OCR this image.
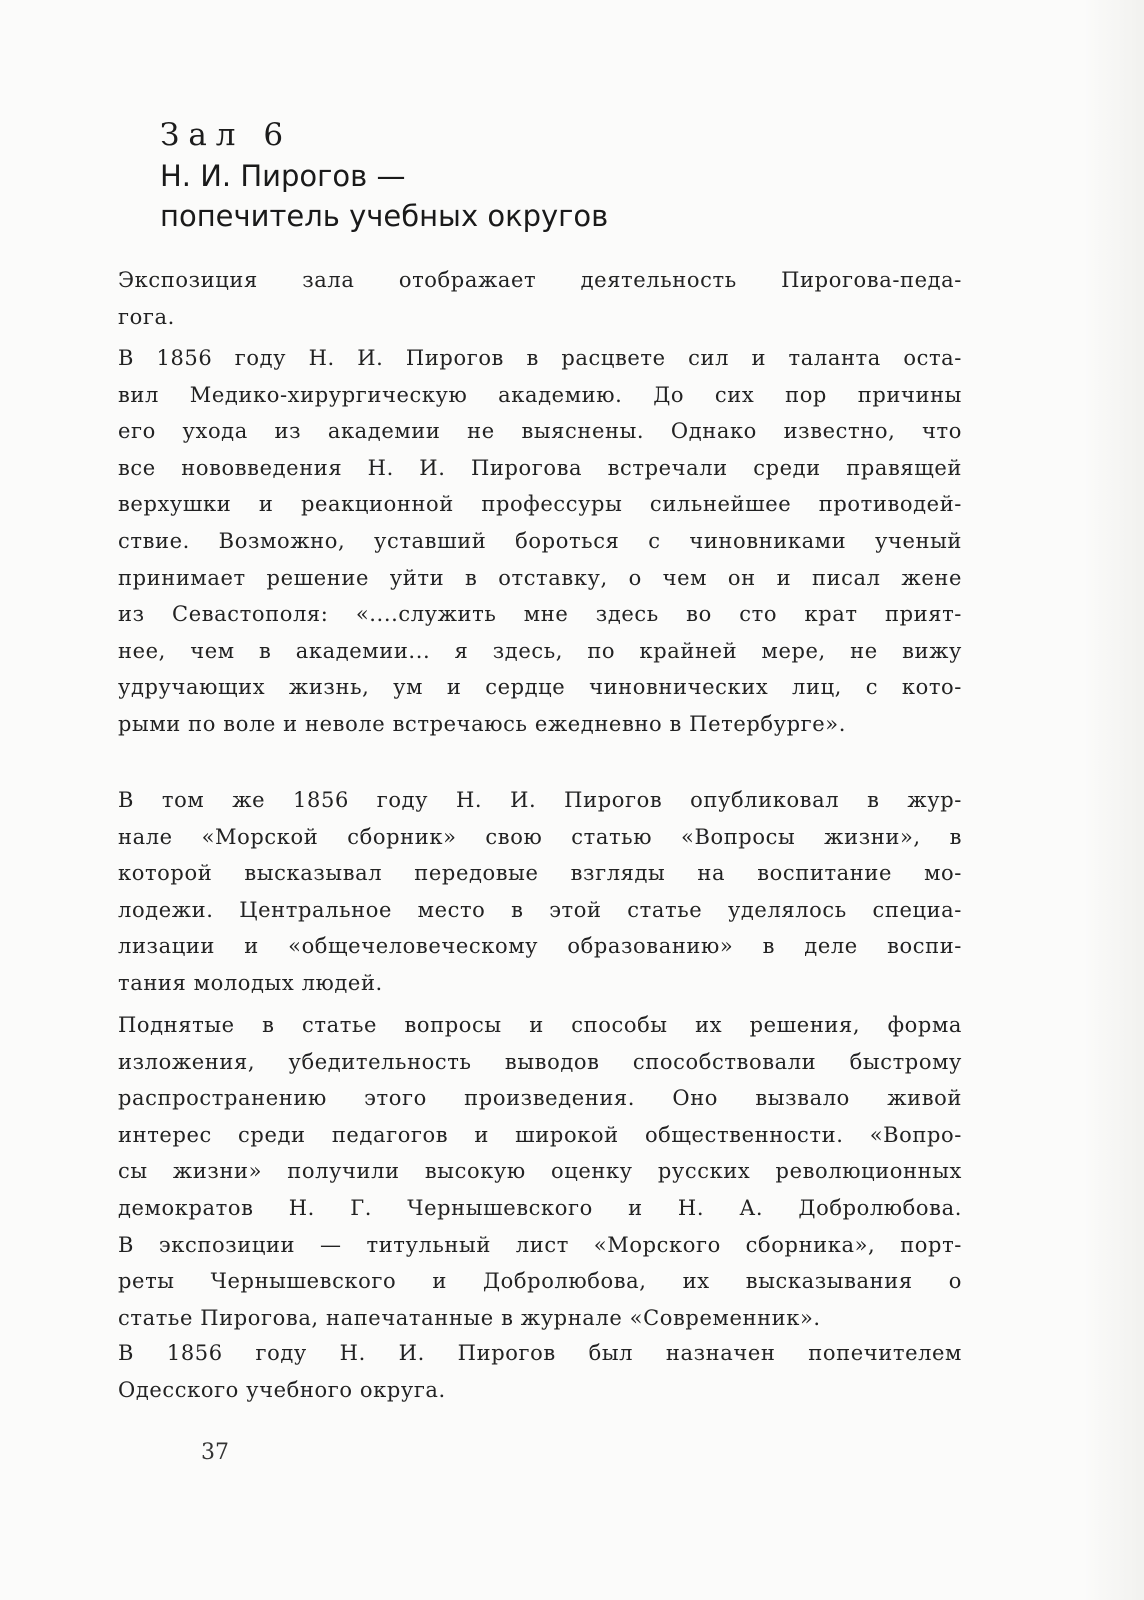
Зал 6
Н. И. Пирогов —
попечитель учебных округов
Экспозиция зала отображает деятельность Пирогова-педа-
гога.
В 1856 году Н. И. Пирогов в расцвете сил и таланта оста-
вил Медико-хирургическую академию. До сих пор причины
его ухода из академии не выяснены. Однако известно, что
все нововведения Н. И. Пирогова встречали среди правящей
верхушки и реакционной профессуры сильнейшее противодей-
ствие. Возможно, уставший бороться с чиновниками ученый
принимает решение уйти в отставку, о чем он и писал жене
из Севастополя: «....служить мне здесь во сто крат прият-
нее, чем в академии... я здесь, по крайней мере, не вижу
удручающих жизнь, ум и сердце чиновнических лиц, с кото-
рыми по воле и неволе встречаюсь ежедневно в Петербурге».
В том же 1856 году Н. И. Пирогов опубликовал в жур-
нале «Морской сборник» свою статью «Вопросы жизни», в
которой высказывал передовые взгляды на воспитание мо-
лодежи. Центральное место в этой статье уделялось специа-
лизации и «общечеловеческому образованию» в деле воспи-
тания молодых людей.
Поднятые в статье вопросы и способы их решения, форма
изложения, убедительность выводов способствовали быстрому
распространению этого произведения. Оно вызвало живой
интерес среди педагогов и широкой общественности. «Вопро-
сы жизни» получили высокую оценку русских революционных
демократов Н. Г. Чернышевского и Н. А. Добролюбова.
В экспозиции — титульный лист «Морского сборника», порт-
реты Чернышевского и Добролюбова, их высказывания о
статье Пирогова, напечатанные в журнале «Современник».
В 1856 году Н. И. Пирогов был назначен попечителем
Одесского учебного округа.
37
